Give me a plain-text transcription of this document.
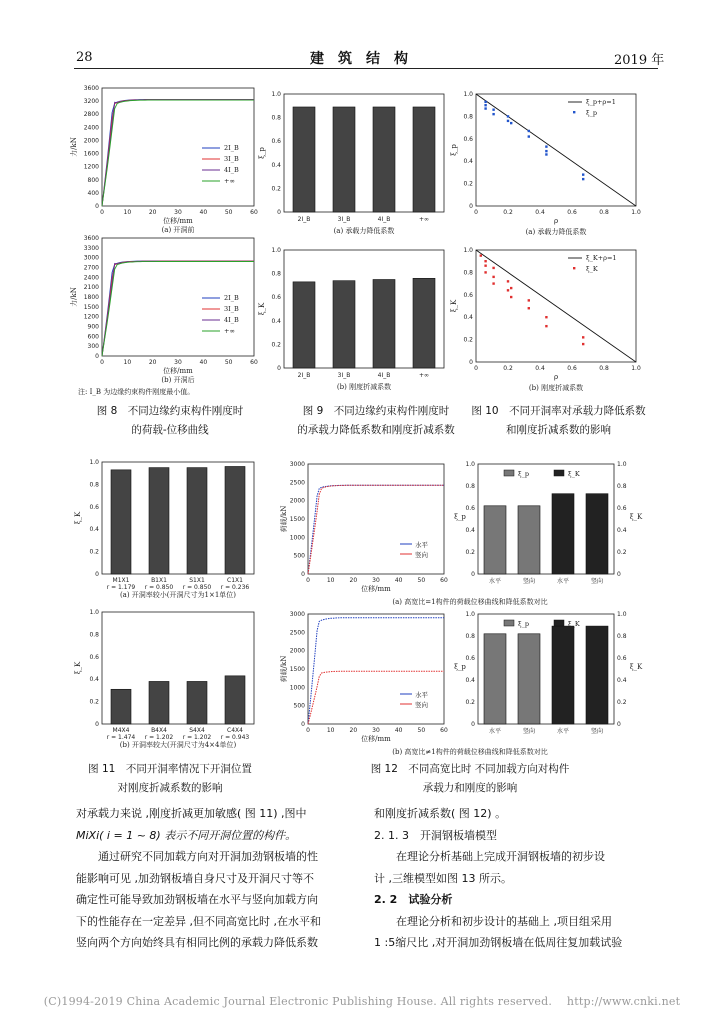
28	建　筑　结　构	2019 年
0
400
800
1200
1600
2000
2400
2800
3200
3600
0	10	20	30	40	50	60
力/kN
位移/mm
(a) 开洞前
2I_B
3I_B
4I_B
+∞
0
300
600
900
1200
1500
1800
2100
2400
2700
3000
3300
3600
0	10	20	30	40	50	60
力/kN
位移/mm
(b) 开洞后
2I_B
3I_B
4I_B
+∞
注: I_B 为边缘约束构件刚度最小值。
0
0.2
0.4
0.6
0.8
1.0
ξ_p
2I_B	3I_B	4I_B	+∞
(a) 承载力降低系数
0
0.2
0.4
0.6
0.8
1.0
ξ_K
2I_B	3I_B	4I_B	+∞
(b) 刚度折减系数
0
0.2
0.4
0.6
0.8
1.0
0	0.2	0.4	0.6	0.8	1.0
ξ_p
ρ
ξ_p+ρ=1
ξ_p
(a) 承载力降低系数
0
0.2
0.4
0.6
0.8
1.0
0	0.2	0.4	0.6	0.8	1.0
ξ_K
ρ
ξ_K+ρ=1
ξ_K
(b) 刚度折减系数
0
0.2
0.4
0.6
0.8
1.0
ξ_K
M1X1
r = 1.179
B1X1
r = 0.850
S1X1
r = 0.850
C1X1
r = 0.236
(a) 开洞率较小(开洞尺寸为1×1单位)
0
0.2
0.4
0.6
0.8
1.0
ξ_K
M4X4
r = 1.474
B4X4
r = 1.202
S4X4
r = 1.202
C4X4
r = 0.943
(b) 开洞率较大(开洞尺寸为4×4单位)
0
500
1000
1500
2000
2500
3000
0	10	20	30	40	50	60
荷载/kN
位移/mm
水平
竖向
0
500
1000
1500
2000
2500
3000
0	10	20	30	40	50	60
荷载/kN
位移/mm
水平
竖向
0
0.2
0.4
0.6
0.8
1.0
0
0.2
0.4
0.6
0.8
1.0
ξ_p	ξ_K
水平	竖向	水平	竖向
ξ_p	ξ_K
0
0.2
0.4
0.6
0.8
1.0
0
0.2
0.4
0.6
0.8
1.0
ξ_p	ξ_K
水平	竖向	水平	竖向
ξ_p	ξ_K
(a) 高宽比=1构件的荷载位移曲线和降低系数对比
(b) 高宽比≠1构件的荷载位移曲线和降低系数对比
图 8　不同边缘约束构件刚度时
的荷载-位移曲线
图 9　不同边缘约束构件刚度时
的承载力降低系数和刚度折减系数
图 10　不同开洞率对承载力降低系数
和刚度折减系数的影响
图 11　不同开洞率情况下开洞位置
对刚度折减系数的影响
图 12　不同高宽比时 不同加载方向对构件
承载力和刚度的影响
对承载力来说 ,刚度折减更加敏感( 图 11) ,图中
MiXi( i = 1 ~ 8) 表示不同开洞位置的构件。
　　通过研究不同加载方向对开洞加劲钢板墙的性
能影响可见 ,加劲钢板墙自身尺寸及开洞尺寸等不
确定性可能导致加劲钢板墙在水平与竖向加载方向
下的性能存在一定差异 ,但不同高宽比时 ,在水平和
竖向两个方向始终具有相同比例的承载力降低系数
和刚度折减系数( 图 12) 。
2. 1. 3　开洞钢板墙模型
　　在理论分析基础上完成开洞钢板墙的初步设
计 ,三维模型如图 13 所示。
2. 2　试验分析
　　在理论分析和初步设计的基础上 ,项目组采用
1 :5缩尺比 ,对开洞加劲钢板墙在低周往复加载试验
(C)1994-2019 China Academic Journal Electronic Publishing House. All rights reserved.　 http://www.cnki.net
